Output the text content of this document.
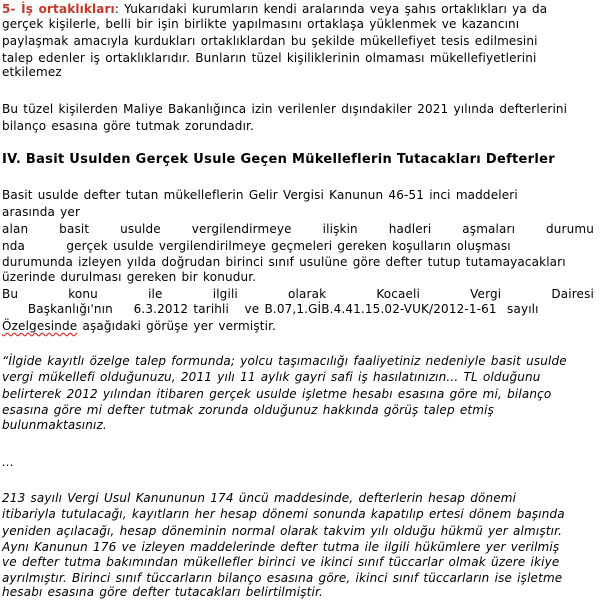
5- İş ortaklıkları: Yukarıdaki kurumların kendi aralarında veya şahıs ortaklıkları ya da
gerçek kişilerle, belli bir işin birlikte yapılmasını ortaklaşa yüklenmek ve kazancını
paylaşmak amacıyla kurdukları ortaklıklardan bu şekilde mükellefiyet tesis edilmesini
talep edenler iş ortaklıklarıdır. Bunların tüzel kişiliklerinin olmaması mükellefiyetlerini
etkilemez
Bu tüzel kişilerden Maliye Bakanlığınca izin verilenler dışındakiler 2021 yılında defterlerini
bilanço esasına göre tutmak zorundadır.
IV. Basit Usulden Gerçek Usule Geçen Mükelleflerin Tutacakları Defterler
Basit usulde defter tutan mükelleflerin Gelir Vergisi Kanunun 46-51 inci maddeleri
arasında yer
alan	basit	usulde	vergilendirmeye	ilişkin	hadleri	aşmaları	durumu
nda        gerçek usulde vergilendirilmeye geçmeleri gereken koşulların oluşması
durumunda izleyen yılda doğrudan birinci sınıf usulüne göre defter tutup tutamayacakları
üzerinde durulması gereken bir konudur.
Bu	konu	ile	ilgili	olarak	Kocaeli	Vergi	Dairesi
Başkanlığı'nın    6.3.2012 tarihli   ve B.07,1.GİB.4.41.15.02-VUK/2012-1-61  sayılı
Özelgesinde aşağıdaki görüşe yer vermiştir.
“İlgide kayıtlı özelge talep formunda; yolcu taşımacılığı faaliyetiniz nedeniyle basit usulde
vergi mükellefi olduğunuzu, 2011 yılı 11 aylık gayri safi iş hasılatınızın... TL olduğunu
belirterek 2012 yılından itibaren gerçek usulde işletme hesabı esasına göre mi, bilanço
esasına göre mi defter tutmak zorunda olduğunuz hakkında görüş talep etmiş
bulunmaktasınız.
…
213 sayılı Vergi Usul Kanununun 174 üncü maddesinde, defterlerin hesap dönemi
itibariyla tutulacağı, kayıtların her hesap dönemi sonunda kapatılıp ertesi dönem başında
yeniden açılacağı, hesap döneminin normal olarak takvim yılı olduğu hükmü yer almıştır.
Aynı Kanunun 176 ve izleyen maddelerinde defter tutma ile ilgili hükümlere yer verilmiş
ve defter tutma bakımından mükellefler birinci ve ikinci sınıf tüccarlar olmak üzere ikiye
ayrılmıştır. Birinci sınıf tüccarların bilanço esasına göre, ikinci sınıf tüccarların ise işletme
hesabı esasına göre defter tutacakları belirtilmiştir.
